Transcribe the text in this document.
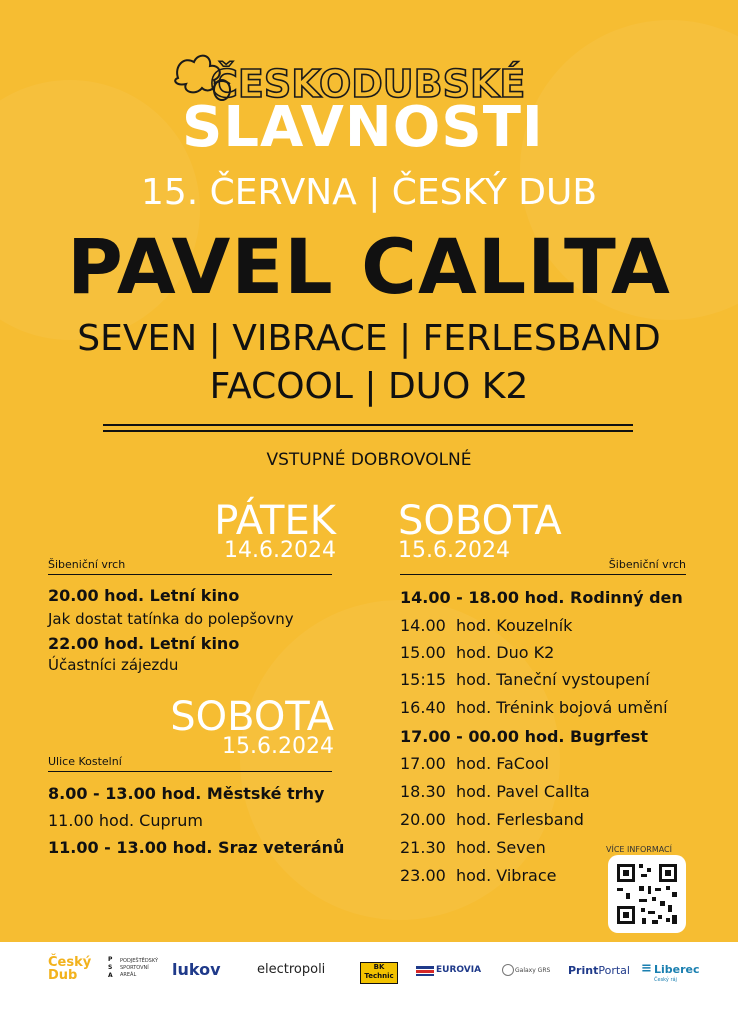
ČESKODUBSKÉ
SLAVNOSTI
15. ČERVNA | ČESKÝ DUB
PAVEL CALLTA
SEVEN | VIBRACE | FERLESBAND
FACOOL | DUO K2
VSTUPNÉ DOBROVOLNÉ
PÁTEK
14.6.2024
Šibeniční vrch
20.00 hod. Letní kino
Jak dostat tatínka do polepšovny
22.00 hod. Letní kino
Účastníci zájezdu
SOBOTA
15.6.2024
Ulice Kostelní
8.00 - 13.00 hod. Městské trhy
11.00 hod. Cuprum
11.00 - 13.00 hod. Sraz veteránů
SOBOTA
15.6.2024
Šibeniční vrch
14.00 - 18.00 hod. Rodinný den
14.00 hod. Kouzelník
15.00 hod. Duo K2
15:15 hod. Taneční vystoupení
16.40 hod. Trénink bojová umění
17.00 - 00.00 hod. Bugrfest
17.00 hod. FaCool
18.30 hod. Pavel Callta
20.00 hod. Ferlesband
21.30 hod. Seven
23.00 hod. Vibrace
VÍCE INFORMACÍ
Český Dub
P S A
PODJEŠTĚDSKÝ SPORTOVNÍ AREÁL	lukov	electropoli	BK Technic
EUROVIA	Galaxy GRS PrintPortal ≡ Liberec
Český ráj
